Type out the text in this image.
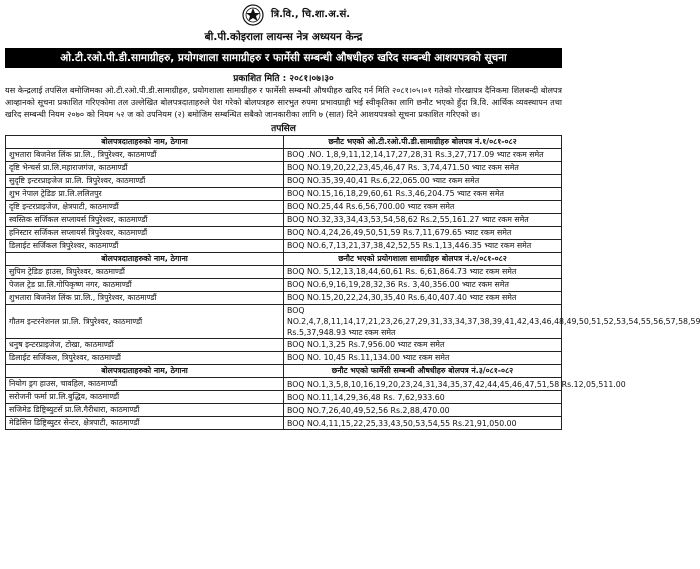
त्रि.वि., चि.शा.अ.सं.
बी.पी.कोइराला लायन्स नेत्र अध्ययन केन्द्र
ओ.टी.रओ.पी.डी.सामाग्रीहरु, प्रयोगशाला सामाग्रीहरु र फार्मेसी सम्बन्धी औषधीहरु खरिद सम्बन्धी आशयपत्रको सूचना
प्रकाशित मिति : २०८१।०७।३०
यस केन्द्रलाई तपसिल बमोजिमका ओ.टी.रओ.पी.डी.सामाग्रीहरु, प्रयोगशाला सामाग्रीहरु र फार्मेसी सम्बन्धी औषधीहरु खरिद गर्न मिति २०८१।०५।०१ गतेको गोरखापत्र दैनिकमा शिलबन्दी बोलपत्र आव्हानको सूचना प्रकाशित गरिएकोमा तल उल्लेखित बोलपत्रदाताहरुले पेश गरेको बोलपत्रहरु सारभुत रुपमा प्रभावग्राही भई स्वीकृतिका लागि छनौट भएको हुँदा त्रि.वि. आर्थिक व्यवस्थापन तथा खरिद सम्बन्धी नियम २०७० को नियम ५२ ज को उपनियम (२) बमोजिम सम्बन्धित सबैको जानकारीका लागि ७ (सात) दिने आशयपत्रको सूचना प्रकाशित गरिएको छ।
तपसिल
बोलपत्रदाताहरुको नाम, ठेगाना	छनौट भएको ओ.टी.रओ.पी.डी.सामाग्रीहरु बोलपत्र नं.१/०८१-०८२
शुभतारा बिजनेश लिंक प्रा.लि., त्रिपुरेश्वर, काठमाण्डौं	BOQ .NO. 1,8,9,11,12,14,17,27,28,31 Rs.3,27,717.09 भ्याट रकम समेत
दृष्टि भेन्चर्स प्रा.लि.महाराजगंज, काठमाण्डौं	BOQ NO.19,20,22,23,45,46,47 Rs. 3,74,471.50 भ्याट रकम समेत
सुदृष्टि इन्टरप्राइजेज प्रा.लि. त्रिपुरेश्वर, काठमाण्डौं	BOQ NO.35,39,40,41 Rs.6,22,065.00 भ्याट रकम समेत
शुभ नेपाल ट्रेडिङ प्रा.लि.ललितपुर	BOQ NO.15,16,18,29,60,61 Rs.3,46,204.75 भ्याट रकम समेत
दृष्टि इन्टरप्राइजेज, क्षेत्रपाटी, काठमाण्डौं	BOQ NO.25,44 Rs.6,56,700.00 भ्याट रकम समेत
स्वस्तिक सर्जिकल सप्लायर्स त्रिपुरेश्वर, काठमाण्डौं	BOQ NO.32,33,34,43,53,54,58,62 Rs.2,55,161.27 भ्याट रकम समेत
हनिस्टार सर्जिकल सप्लायर्स त्रिपुरेश्वर, काठमाण्डौं	BOQ NO.4,24,26,49,50,51,59 Rs.7,11,679.65 भ्याट रकम समेत
डिलाईट सर्जिकल त्रिपुरेश्वर, काठमाण्डौं	BOQ NO.6,7,13,21,37,38,42,52,55 Rs.1,13,446.35 भ्याट रकम समेत
बोलपत्रदाताहरुको नाम, ठेगाना	छनौट भएको प्रयोगशाला सामाग्रीहरु बोलपत्र नं.२/०८१-०८२
सुपिम ट्रेडिङ हाउस, त्रिपुरेश्वर, काठमाण्डौं	BOQ NO. 5,12,13,18,44,60,61 Rs. 6,61,864.73 भ्याट रकम समेत
पेजल ट्रेड प्रा.लि.गोपिकृष्ण नगर, काठमाण्डौं	BOQ NO.6,9,16,19,28,32,36 Rs. 3,40,356.00 भ्याट रकम समेत
शुभतारा बिजनेश लिंक प्रा.लि., त्रिपुरेश्वर, काठमाण्डौं	BOQ NO.15,20,22,24,30,35,40 Rs.6,40,407.40 भ्याट रकम समेत
गौतम इन्टरनेशनल प्रा.लि. त्रिपुरेश्वर, काठमाण्डौं	BOQ NO.2,4,7,8,11,14,17,21,23,26,27,29,31,33,34,37,38,39,41,42,43,46,48,49,50,51,52,53,54,55,56,57,58,59 Rs.5,37,948.93 भ्याट रकम समेत
धनुष इन्टरप्राइजेज, टोखा, काठमाण्डौं	BOQ NO.1,3,25 Rs.7,956.00 भ्याट रकम समेत
डिलाईट सर्जिकल, त्रिपुरेश्वर, काठमाण्डौं	BOQ NO. 10,45 Rs.11,134.00 भ्याट रकम समेत
बोलपत्रदाताहरुको नाम, ठेगाना	छनौट भएको फार्मेसी सम्बन्धी औषधीहरु बोलपत्र नं.३/०८१-०८२
नियोग ड्रग हाउस, चावहिल, काठमाण्डौं	BOQ NO.1,3,5,8,10,16,19,20,23,24,31,34,35,37,42,44,45,46,47,51,58 Rs.12,05,511.00
सरोजनी फर्मा प्रा.लि.बुद्धिव, काठमाण्डौं	BOQ NO.11,14,29,36,48 Rs. 7,62,933.60
सजिमेड डिष्ट्रिब्युटर्स प्रा.लि.गैरीधारा, काठमाण्डौं	BOQ NO.7,26,40,49,52,56 Rs.2,88,470.00
मेडिसिन डिष्ट्रिब्युटर सेन्टर, क्षेत्रपाटी, काठमाण्डौं	BOQ NO.4,11,15,22,25,33,43,50,53,54,55 Rs.21,91,050.00
